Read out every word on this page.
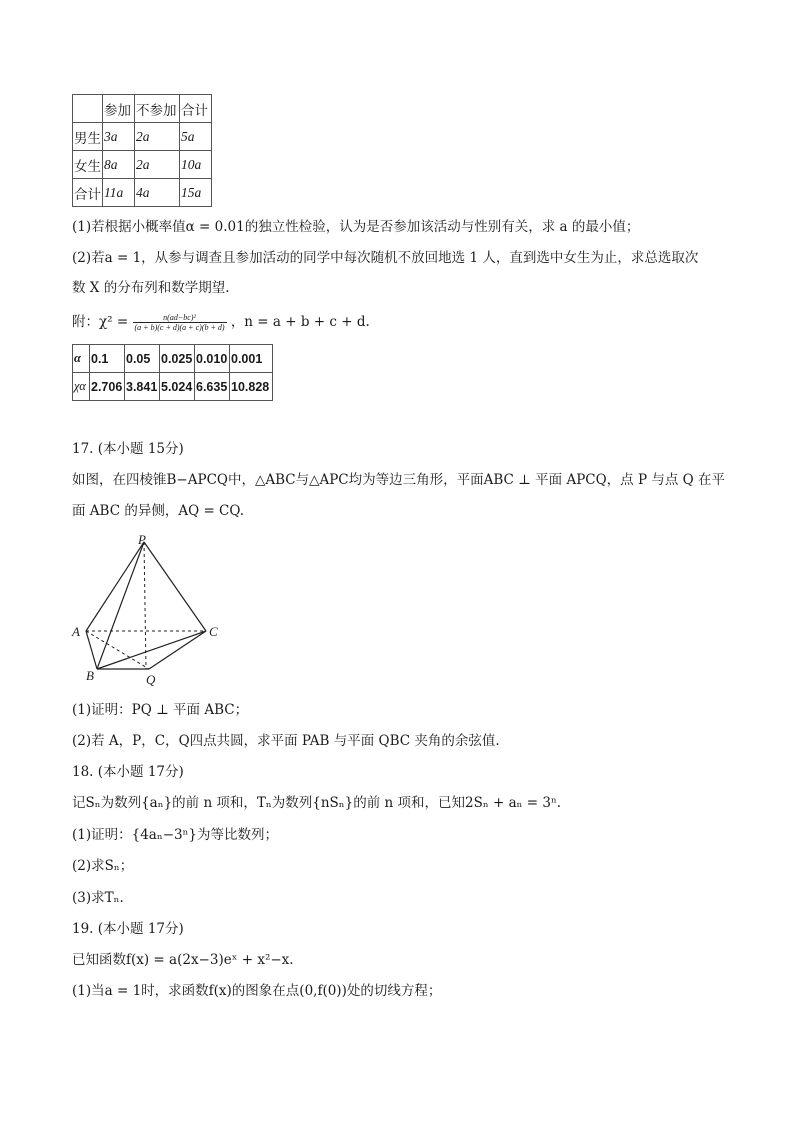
	参加	不参加	合计
男生	3a	2a	5a
女生	8a	2a	10a
合计	11a	4a	15a
(1)若根据小概率值α = 0.01的独立性检验，认为是否参加该活动与性别有关，求 a 的最小值；
(2)若a = 1，从参与调查且参加活动的同学中每次随机不放回地选 1 人，直到选中女生为止，求总选取次
数 X 的分布列和数学期望.
附：$\chi^2 = \frac{\text{n(ad−bc)²}}{(a + b)(c + d)(a + c)(b + d)}$ ，n = a + b + c + d.
α	0.1	0.05	0.025	0.010	0.001
χα	2.706	3.841	5.024	6.635	10.828
17. (本小题 15分)
如图，在四棱锥B−APCQ中，△ABC与△APC均为等边三角形，平面ABC ⊥ 平面 APCQ，点 P 与点 Q 在平
面 ABC 的异侧，AQ = CQ.
P
A	C
B	Q
(1)证明：PQ ⊥ 平面 ABC；
(2)若 A，P，C，Q四点共圆，求平面 PAB 与平面 QBC 夹角的余弦值.
18. (本小题 17分)
记Sₙ为数列{aₙ}的前 n 项和，Tₙ为数列{nSₙ}的前 n 项和，已知2Sₙ + aₙ = 3ⁿ.
(1)证明：{4aₙ−3ⁿ}为等比数列；
(2)求Sₙ；
(3)求Tₙ.
19. (本小题 17分)
已知函数f(x) = a(2x−3)eˣ + x²−x.
(1)当a = 1时，求函数f(x)的图象在点(0,f(0))处的切线方程；
